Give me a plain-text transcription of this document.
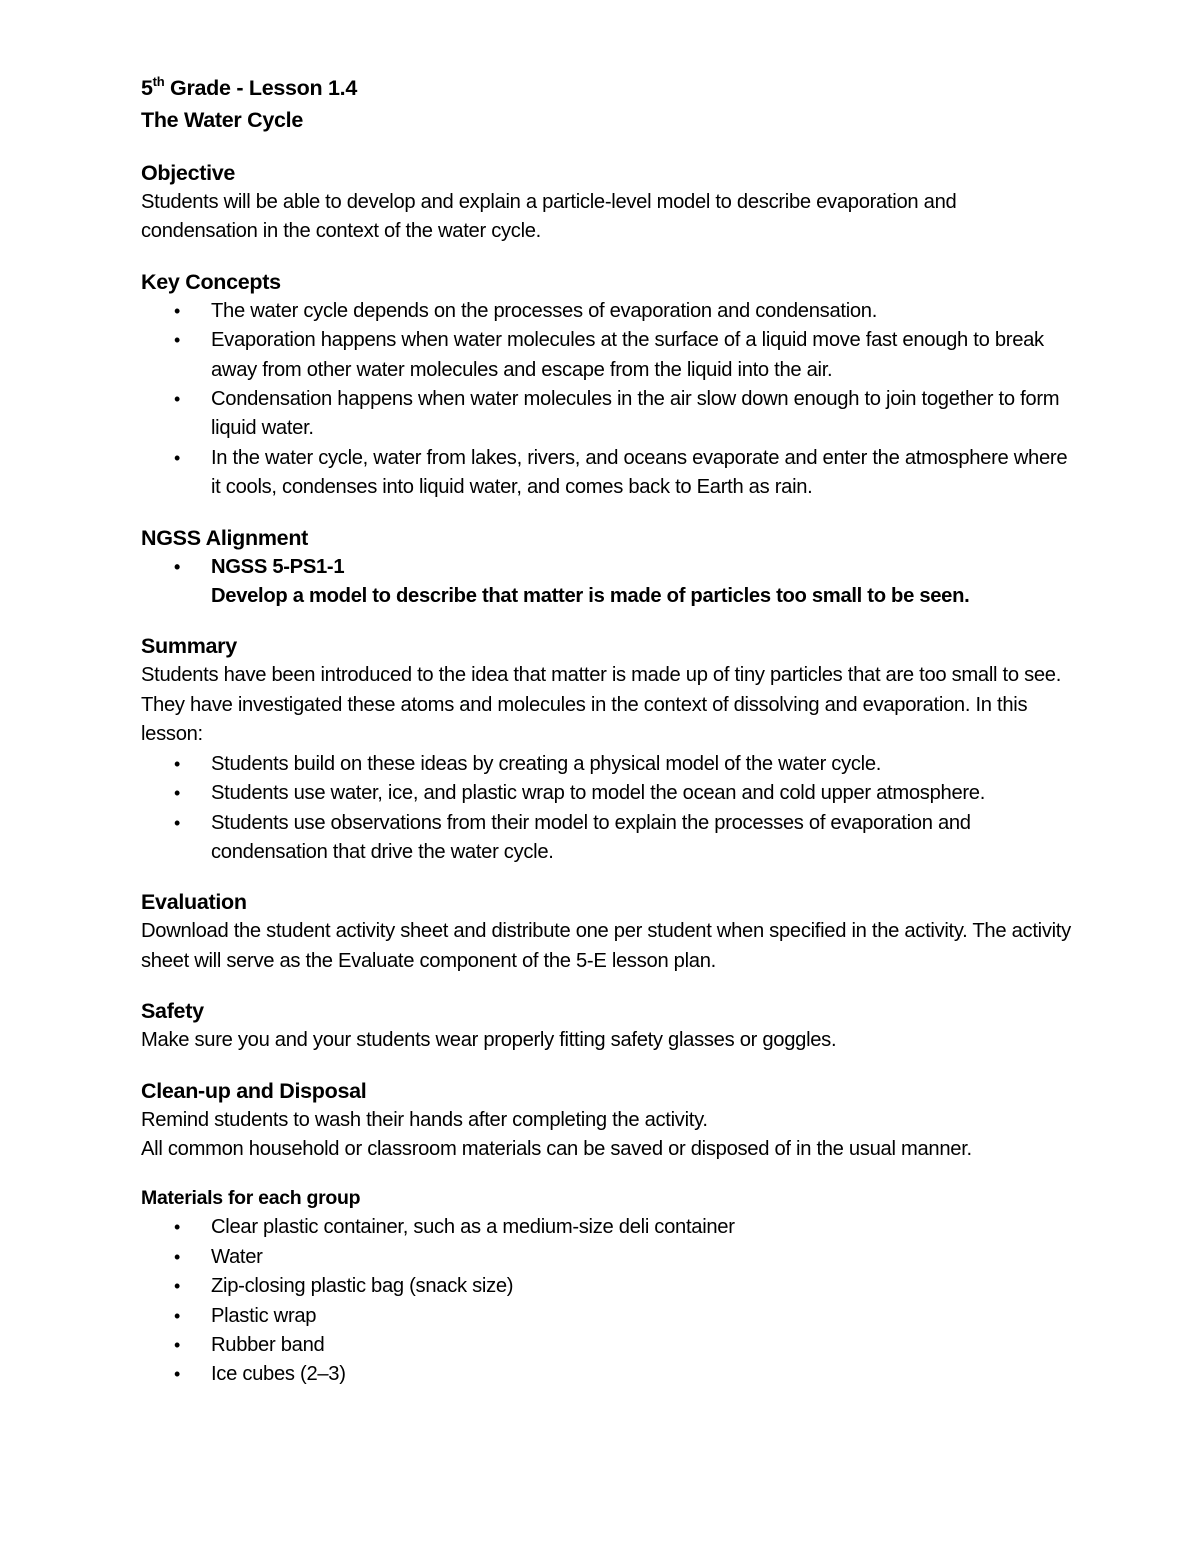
5th Grade - Lesson 1.4

The Water Cycle

Objective

Students will be able to develop and explain a particle-level model to describe evaporation and condensation in the context of the water cycle.

Key Concepts

• The water cycle depends on the processes of evaporation and condensation.
• Evaporation happens when water molecules at the surface of a liquid move fast enough to break away from other water molecules and escape from the liquid into the air.
• Condensation happens when water molecules in the air slow down enough to join together to form liquid water.
• In the water cycle, water from lakes, rivers, and oceans evaporate and enter the atmosphere where it cools, condenses into liquid water, and comes back to Earth as rain.

NGSS Alignment

• NGSS 5-PS1-1
Develop a model to describe that matter is made of particles too small to be seen.

Summary

Students have been introduced to the idea that matter is made up of tiny particles that are too small to see. They have investigated these atoms and molecules in the context of dissolving and evaporation. In this lesson:

• Students build on these ideas by creating a physical model of the water cycle.
• Students use water, ice, and plastic wrap to model the ocean and cold upper atmosphere.
• Students use observations from their model to explain the processes of evaporation and condensation that drive the water cycle.

Evaluation

Download the student activity sheet and distribute one per student when specified in the activity. The activity sheet will serve as the Evaluate component of the 5-E lesson plan.

Safety

Make sure you and your students wear properly fitting safety glasses or goggles.

Clean-up and Disposal

Remind students to wash their hands after completing the activity.

All common household or classroom materials can be saved or disposed of in the usual manner.

Materials for each group

• Clear plastic container, such as a medium-size deli container
• Water
• Zip-closing plastic bag (snack size)
• Plastic wrap
• Rubber band
• Ice cubes (2–3)
